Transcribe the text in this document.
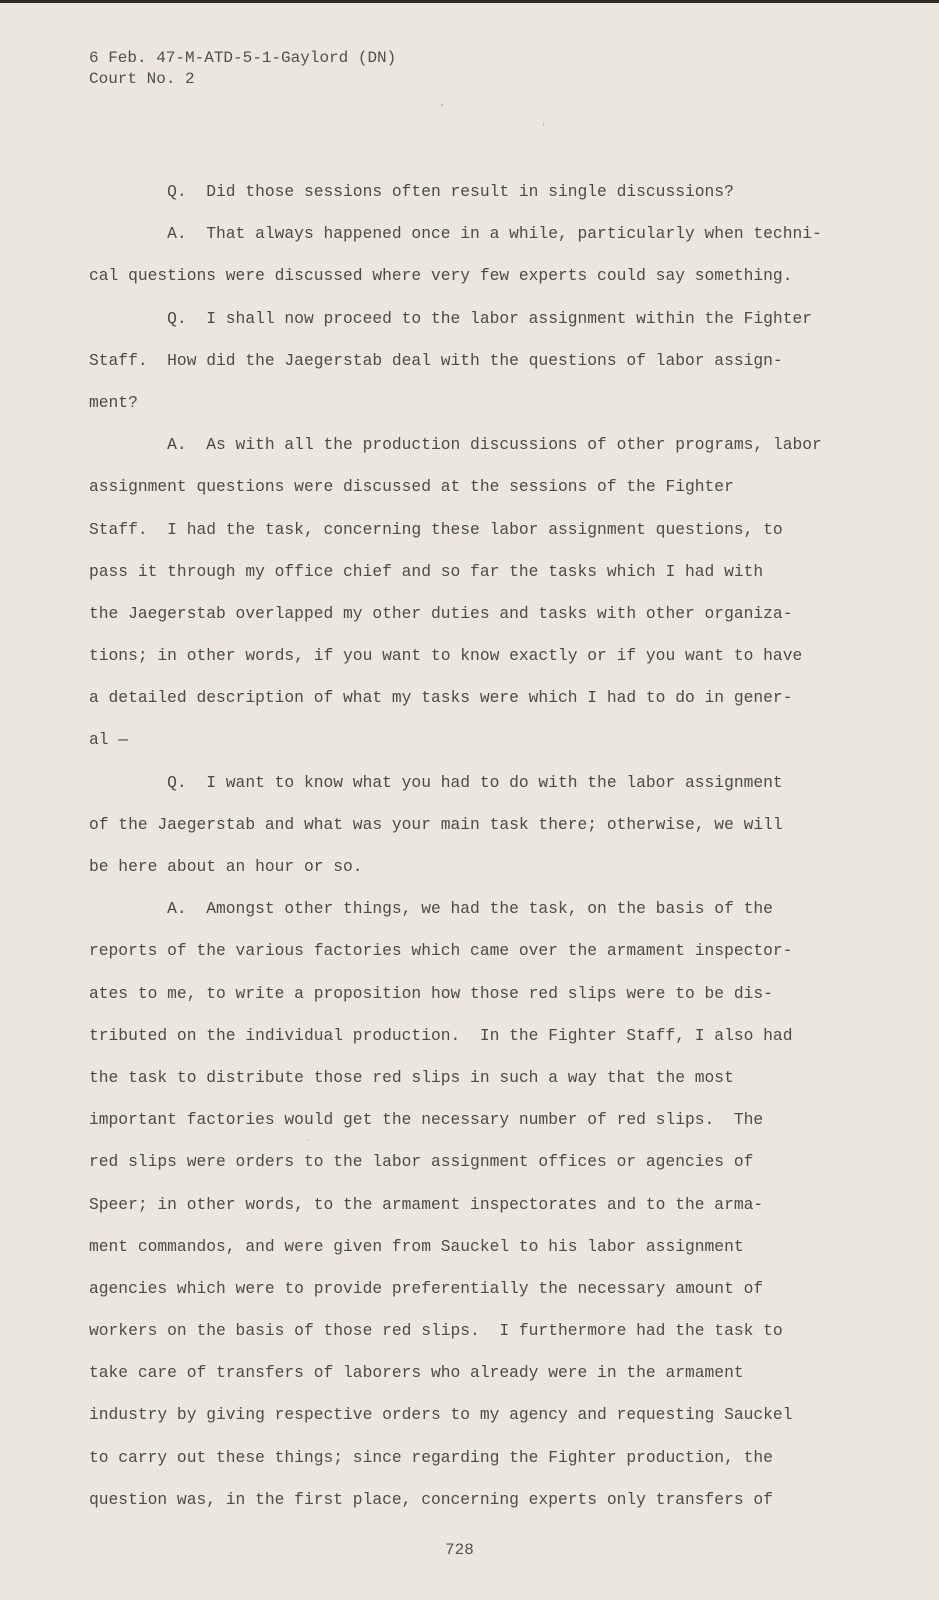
6 Feb. 47-M-ATD-5-1-Gaylord (DN)
Court No. 2
Q.  Did those sessions often result in single discussions?
A.  That always happened once in a while, particularly when techni-
cal questions were discussed where very few experts could say something.
Q.  I shall now proceed to the labor assignment within the Fighter
Staff.  How did the Jaegerstab deal with the questions of labor assign-
ment?
A.  As with all the production discussions of other programs, labor
assignment questions were discussed at the sessions of the Fighter
Staff.  I had the task, concerning these labor assignment questions, to
pass it through my office chief and so far the tasks which I had with
the Jaegerstab overlapped my other duties and tasks with other organiza-
tions; in other words, if you want to know exactly or if you want to have
a detailed description of what my tasks were which I had to do in gener-
al —
Q.  I want to know what you had to do with the labor assignment
of the Jaegerstab and what was your main task there; otherwise, we will
be here about an hour or so.
A.  Amongst other things, we had the task, on the basis of the
reports of the various factories which came over the armament inspector-
ates to me, to write a proposition how those red slips were to be dis-
tributed on the individual production.  In the Fighter Staff, I also had
the task to distribute those red slips in such a way that the most
important factories would get the necessary number of red slips.  The
red slips were orders to the labor assignment offices or agencies of
Speer; in other words, to the armament inspectorates and to the arma-
ment commandos, and were given from Sauckel to his labor assignment
agencies which were to provide preferentially the necessary amount of
workers on the basis of those red slips.  I furthermore had the task to
take care of transfers of laborers who already were in the armament
industry by giving respective orders to my agency and requesting Sauckel
to carry out these things; since regarding the Fighter production, the
question was, in the first place, concerning experts only transfers of
728
